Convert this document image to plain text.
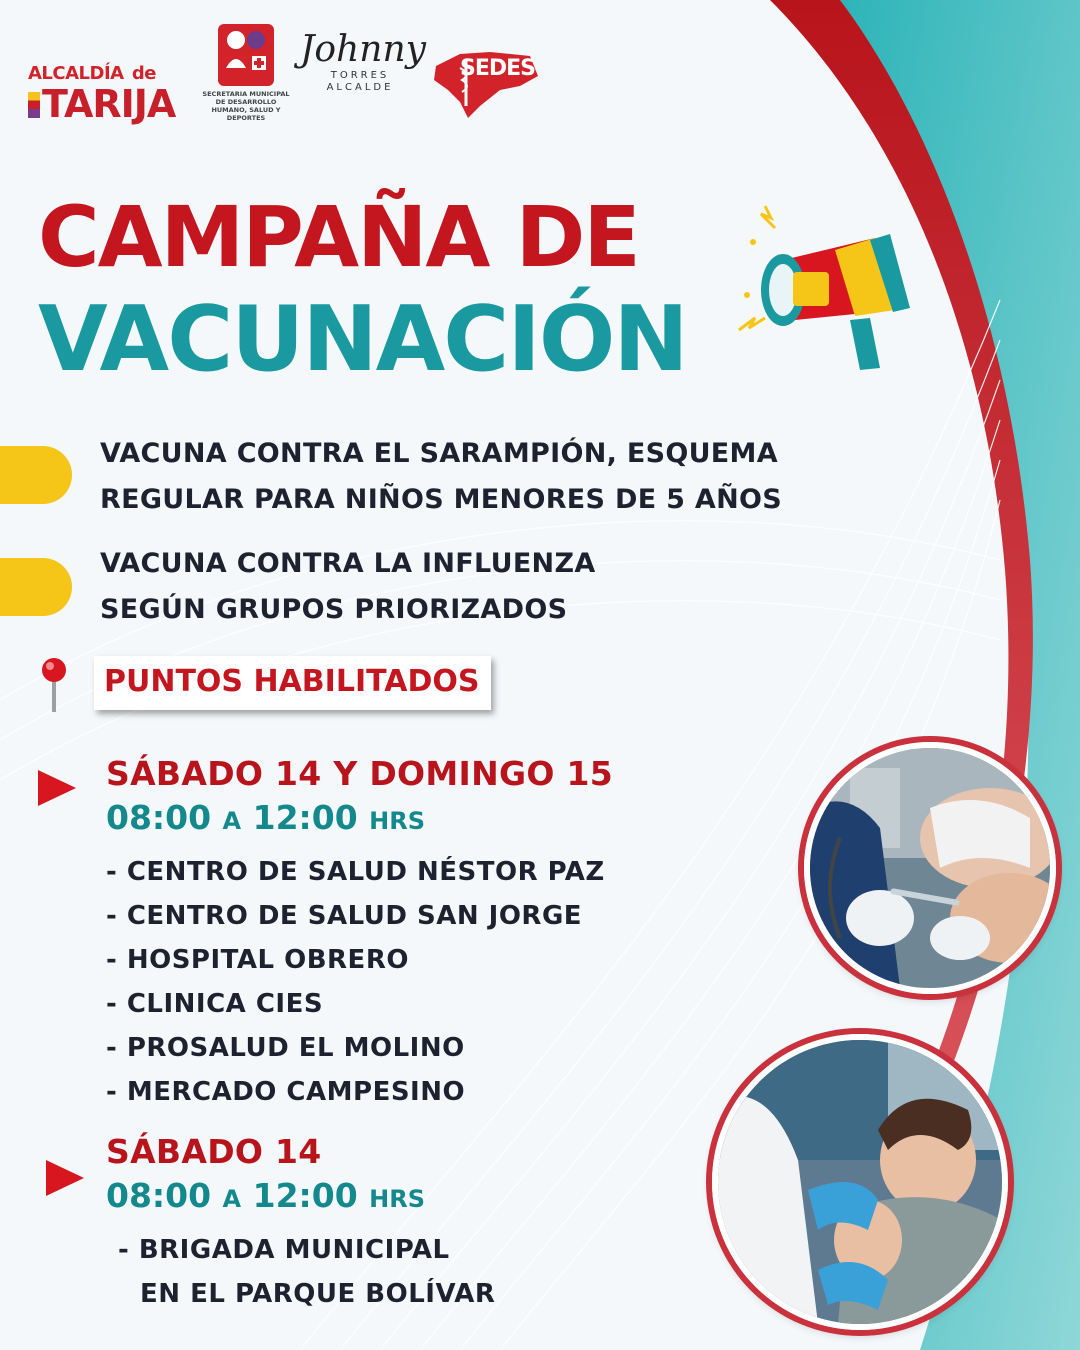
ALCALDÍA de
TARIJA	SECRETARIA MUNICIPAL DE DESARROLLO HUMANO, SALUD Y DEPORTES
Johnny
TORRES ALCALDE
SEDES
CAMPAÑA DE
VACUNACIÓN
VACUNA CONTRA EL SARAMPIÓN, ESQUEMA
REGULAR PARA NIÑOS MENORES DE 5 AÑOS
VACUNA CONTRA LA INFLUENZA
SEGÚN GRUPOS PRIORIZADOS
PUNTOS HABILITADOS
SÁBADO 14 Y DOMINGO 15
08:00 A 12:00 HRS
- CENTRO DE SALUD NÉSTOR PAZ
- CENTRO DE SALUD SAN JORGE
- HOSPITAL OBRERO
- CLINICA CIES
- PROSALUD EL MOLINO
- MERCADO CAMPESINO
SÁBADO 14
08:00 A 12:00 HRS
- BRIGADA MUNICIPAL
EN EL PARQUE BOLÍVAR
